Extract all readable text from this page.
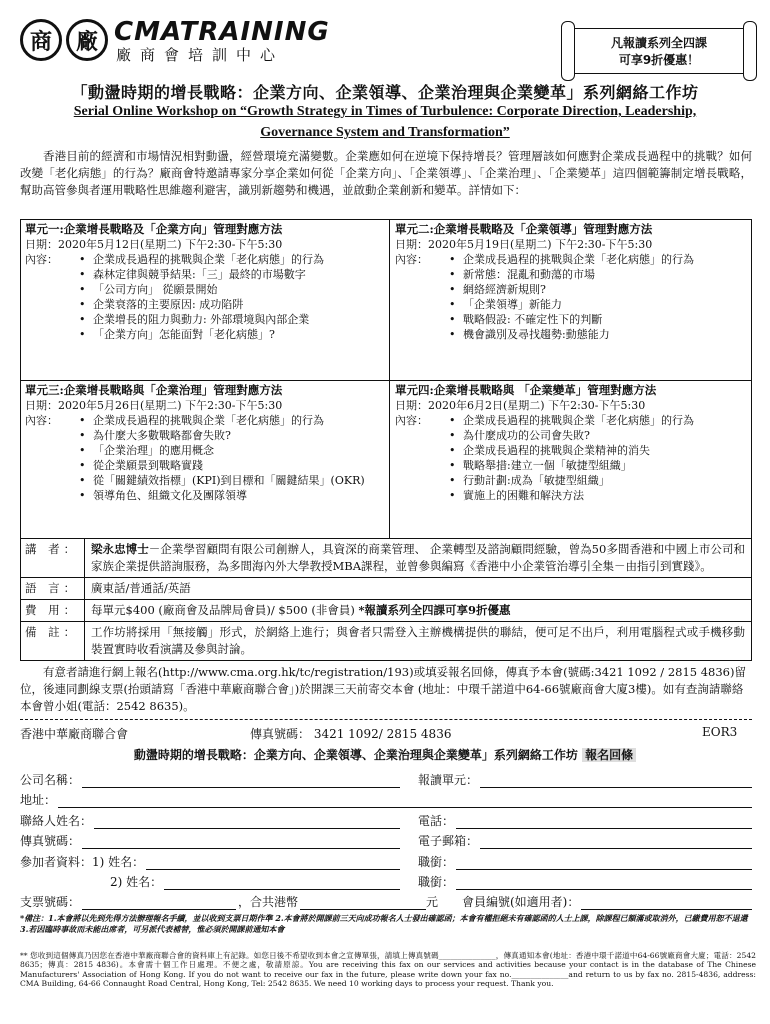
商	廠 CMATRAINING
廠商會培訓中心
凡報讀系列全四課
可享9折優惠！
「動盪時期的增長戰略：企業方向、企業領導、企業治理與企業變革」系列網絡工作坊
Serial Online Workshop on “Growth Strategy in Times of Turbulence: Corporate Direction, Leadership, Governance System and Transformation”
香港目前的經濟和市場情況相對動盪，經營環境充滿變數。企業應如何在逆境下保持增長？管理層該如何應對企業成長過程中的挑戰？如何改變「老化病態」的行為？廠商會特邀請專家分享企業如何從「企業方向」、「企業領導」、「企業治理」、「企業變革」這四個範籌制定增長戰略，幫助高管參與者運用戰略性思維趨利避害，識別新趨勢和機遇，並啟動企業創新和變革。詳情如下：
單元一:企業增長戰略及「企業方向」管理對應方法
日期：2020年5月12日(星期二) 下午2:30-下午5:30
內容：	• 企業成長過程的挑戰與企業「老化病態」的行為
• 森林定律與競爭結果:「三」最終的市場數字
• 「公司方向」 從願景開始
• 企業衰落的主要原因: 成功陷阱
• 企業增長的阻力與動力: 外部環境與內部企業
• 「企業方向」怎能面對「老化病態」?
單元二:企業增長戰略及「企業領導」管理對應方法
日期：2020年5月19日(星期二) 下午2:30-下午5:30
內容：	• 企業成長過程的挑戰與企業「老化病態」的行為
• 新常態：混亂和動蕩的市場
• 網絡經濟新規則?
• 「企業領導」新能力
• 戰略假設: 不確定性下的判斷
• 機會識別及尋找趨勢:動態能力
單元三:企業增長戰略與「企業治理」管理對應方法
日期：2020年5月26日(星期二) 下午2:30-下午5:30
內容：	• 企業成長過程的挑戰與企業「老化病態」的行為
• 為什麼大多數戰略都會失敗?
• 「企業治理」的應用概念
• 從企業願景到戰略實踐
• 從「關鍵績效指標」(KPI)到目標和「關鍵結果」(OKR)
• 領導角色、組織文化及團隊領導
單元四:企業增長戰略與 「企業變革」管理對應方法
日期：2020年6月2日(星期二) 下午2:30-下午5:30
內容：	• 企業成長過程的挑戰與企業「老化病態」的行為
• 為什麼成功的公司會失敗?
• 企業成長過程的挑戰與企業精神的消失
• 戰略舉措:建立一個「敏捷型組織」
• 行動計劃:成為「敏捷型組織」
• 實施上的困難和解決方法
講 者：	梁永忠博士－企業學習顧問有限公司創辦人，具資深的商業管理、 企業轉型及諮詢顧問經驗，曾為50多間香港和中國上市公司和家族企業提供諮詢服務，為多間海內外大學教授MBA課程，並曾參與編寫《香港中小企業管治導引全集－由指引到實踐》。
語 言：	廣東話/普通話/英語
費 用：	每單元$400 (廠商會及品牌局會員)/ $500 (非會員) *報讀系列全四課可享9折優惠
備 註：	工作坊將採用「無接觸」形式，於網絡上進行；與會者只需登入主辦機構提供的聯結，便可足不出戶，利用電腦程式或手機移動裝置實時收看演講及參與討論。
有意者請進行網上報名(http://www.cma.org.hk/tc/registration/193)或填妥報名回條，傳真予本會(號碼:3421 1092 / 2815 4836)留位，後連同劃線支票(抬頭請寫「香港中華廠商聯合會」)於開課三天前寄交本會 (地址：中環千諾道中64-66號廠商會大廈3樓)。如有查詢請聯絡本會曾小姐(電話：2542 8635)。
香港中華廠商聯合會	傳真號碼： 3421 1092/ 2815 4836	EOR3
動盪時期的增長戰略：企業方向、企業領導、企業治理與企業變革」系列網絡工作坊 報名回條
公司名稱：	報讀單元：
地址：
聯絡人姓名：	電話：
傳真號碼：	電子郵箱：
參加者資料：1) 姓名：	職銜：
2) 姓名：	職銜：
支票號碼：	，合共港幣	元 會員編號(如適用者)：
*備注：1.本會將以先到先得方法辦理報名手續，並以收到支票日期作準 2.本會將於開課前三天向成功報名人士發出確認函；本會有權拒絕未有確認函的人士上課，除課程已額滿或取消外，已繳費用恕不退還 3.若因臨時事故而未能出席者，可另派代表補替，惟必須於開課前通知本會
** 您收到這個傳真乃因您在香港中華廠商聯合會的資料庫上有記錄。如您日後不希望收到本會之宣傳單張，請填上傳真號碼_______________，傳真通知本會(地址：香港中環千諾道中64-66號廠商會大廈；電話：2542 8635；傳真：2815 4836)。本會需十個工作日處理。不便之處，敬請原諒。You are receiving this fax on our services and activities because your contact is in the database of The Chinese Manufacturers' Association of Hong Kong. If you do not want to receive our fax in the future, please write down your fax no._______________and return to us by fax no. 2815-4836, address: CMA Building, 64-66 Connaught Road Central, Hong Kong, Tel: 2542 8635. We need 10 working days to process your request. Thank you.
